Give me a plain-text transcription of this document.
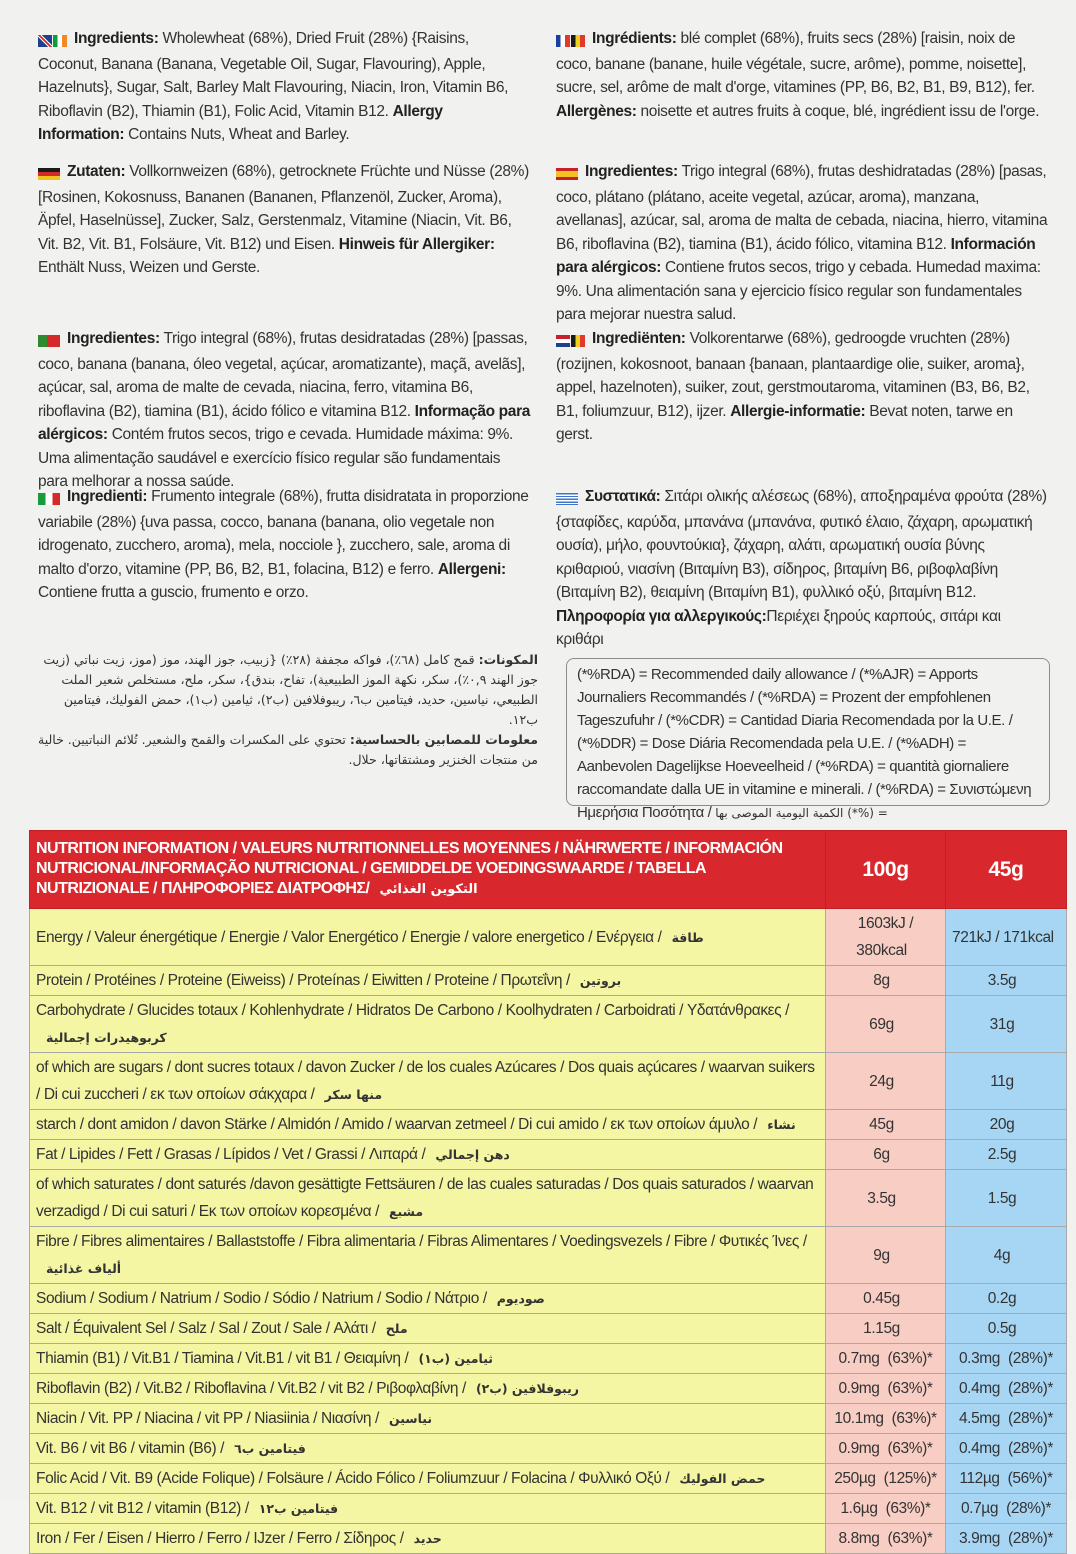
Ingredients: Wholewheat (68%), Dried Fruit (28%) {Raisins, Coconut, Banana (Banana, Vegetable Oil, Sugar, Flavouring), Apple, Hazelnuts}, Sugar, Salt, Barley Malt Flavouring, Niacin, Iron, Vitamin B6, Riboflavin (B2), Thiamin (B1), Folic Acid, Vitamin B12. Allergy Information: Contains Nuts, Wheat and Barley.
Ingrédients: blé complet (68%), fruits secs (28%) [raisin, noix de coco, banane (banane, huile végétale, sucre, arôme), pomme, noisette], sucre, sel, arôme de malt d'orge, vitamines (PP, B6, B2, B1, B9, B12), fer. Allergènes: noisette et autres fruits à coque, blé, ingrédient issu de l'orge.
Zutaten: Vollkornweizen (68%), getrocknete Früchte und Nüsse (28%) [Rosinen, Kokosnuss, Bananen (Bananen, Pflanzenöl, Zucker, Aroma), Äpfel, Haselnüsse], Zucker, Salz, Gerstenmalz, Vitamine (Niacin, Vit. B6, Vit. B2, Vit. B1, Folsäure, Vit. B12) und Eisen. Hinweis für Allergiker: Enthält Nuss, Weizen und Gerste.
Ingredientes: Trigo integral (68%), frutas deshidratadas (28%) [pasas, coco, plátano (plátano, aceite vegetal, azúcar, aroma), manzana, avellanas], azúcar, sal, aroma de malta de cebada, niacina, hierro, vitamina B6, riboflavina (B2), tiamina (B1), ácido fólico, vitamina B12. Información para alérgicos: Contiene frutos secos, trigo y cebada. Humedad maxima: 9%. Una alimentación sana y ejercicio físico regular son fundamentales para mejorar nuestra salud.
Ingredientes: Trigo integral (68%), frutas desidratadas (28%) [passas, coco, banana (banana, óleo vegetal, açúcar, aromatizante), maçã, avelãs], açúcar, sal, aroma de malte de cevada, niacina, ferro, vitamina B6, riboflavina (B2), tiamina (B1), ácido fólico e vitamina B12. Informação para alérgicos: Contém frutos secos, trigo e cevada. Humidade máxima: 9%. Uma alimentação saudável e exercício físico regular são fundamentais para melhorar a nossa saúde.
Ingrediënten: Volkorentarwe (68%), gedroogde vruchten (28%) (rozijnen, kokosnoot, banaan {banaan, plantaardige olie, suiker, aroma}, appel, hazelnoten), suiker, zout, gerstmoutaroma, vitaminen (B3, B6, B2, B1, foliumzuur, B12), ijzer. Allergie-informatie: Bevat noten, tarwe en gerst.
Ingredienti: Frumento integrale (68%), frutta disidratata in proporzione variabile (28%) {uva passa, cocco, banana (banana, olio vegetale non idrogenato, zucchero, aroma), mela, nocciole }, zucchero, sale, aroma di malto d'orzo, vitamine (PP, B6, B2, B1, folacina, B12) e ferro. Allergeni: Contiene frutta a guscio, frumento e orzo.
Συστατικά: Σιτάρι ολικής αλέσεως (68%), αποξηραμένα φρούτα (28%) {σταφίδες, καρύδα, μπανάνα (μπανάνα, φυτικό έλαιο, ζάχαρη, αρωματική ουσία), μήλο, φουντούκια}, ζάχαρη, αλάτι, αρωματική ουσία βύνης κριθαριού, νιασίνη (Βιταμίνη B3), σίδηρος, βιταμίνη B6, ριβοφλαβίνη (Βιταμίνη B2), θειαμίνη (Βιταμίνη B1), φυλλικό οξύ, βιταμίνη B12. Πληροφορία για αλλεργικούς:Περιέχει ξηρούς καρπούς, σιτάρι και κριθάρι
المكونات: قمح كامل (٦٨٪)، فواكه مجففة (٢٨٪) {زبيب، جوز الهند، موز (موز، زيت نباتي (زيت جوز الهند ٠,٩٪)، سكر، نكهة الموز الطبيعية)، تفاح، بندق}، سكر، ملح، مستخلص شعير الملت الطبيعي، نياسين، حديد، فيتامين ب٦، ريبوفلافين (ب٢)، ثيامين (ب١)، حمض الفوليك، فيتامين ب١٢.
معلومات للمصابين بالحساسية: تحتوي على المكسرات والقمح والشعير. تُلائم النباتيين. خالية من منتجات الخنزير ومشتقاتها، حلال.
(*%RDA) = Recommended daily allowance / (*%AJR) = Apports Journaliers Recommandés / (*%RDA) = Prozent der empfohlenen Tageszufuhr / (*%CDR) = Cantidad Diaria Recomendada por la U.E. / (*%DDR) = Dose Diária Recomendada pela U.E. / (*%ADH) = Aanbevolen Dagelijkse Hoeveelheid / (*%RDA) = quantità giornaliere raccomandate dalla UE in vitamine e minerali. / (*%RDA) = Συνιστώμενη Ημερήσια Ποσότητα / الكمية اليومية الموصى بها (*%) =
NUTRITION INFORMATION / VALEURS NUTRITIONNELLES MOYENNES / NÄHRWERTE / INFORMACIÓN NUTRICIONAL/INFORMAÇÃO NUTRICIONAL / GEMIDDELDE VOEDINGSWAARDE / TABELLA NUTRIZIONALE / ΠΛΗΡΟΦΟΡΙΕΣ ΔΙΑΤΡΟΦΗΣ/ التكوين الغذائي	100g	45g
Energy / Valeur énergétique / Energie / Valor Energético / Energie / valore energetico / Ενέργεια / طاقة	1603kJ / 380kcal	721kJ / 171kcal
Protein / Protéines / Proteine (Eiweiss) / Proteínas / Eiwitten / Proteine / Πρωτεΐνη / بروتين	8g	3.5g
Carbohydrate / Glucides totaux / Kohlenhydrate / Hidratos De Carbono / Koolhydraten / Carboidrati / Υδατάνθρακες /كربوهيدرات إجمالية	69g	31g
of which are sugars / dont sucres totaux / davon Zucker / de los cuales Azúcares / Dos quais açúcares / waarvan suikers / Di cui zuccheri / εκ των οποίων σάκχαρα / منها سكر	24g	11g
starch / dont amidon / davon Stärke / Almidón / Amido / waarvan zetmeel / Di cui amido / εκ των οποίων άμυλο / نشاء	45g	20g
Fat / Lipides / Fett / Grasas / Lípidos / Vet / Grassi / Λιπαρά / دهن إجمالي	6g	2.5g
of which saturates / dont saturés /davon gesättigte Fettsäuren / de las cuales saturadas / Dos quais saturados / waarvan verzadigd / Di cui saturi / Εκ των οποίων κορεσμένα / مشبع	3.5g	1.5g
Fibre / Fibres alimentaires / Ballaststoffe / Fibra alimentaria / Fibras Alimentares / Voedingsvezels / Fibre / Φυτικές Ίνες /ألياف غذائية	9g	4g
Sodium / Sodium / Natrium / Sodio / Sódio / Natrium / Sodio / Νάτριο / صوديوم	0.45g	0.2g
Salt / Équivalent Sel / Salz / Sal / Zout / Sale / Αλάτι / ملح	1.15g	0.5g
Thiamin (B1) / Vit.B1 / Tiamina / Vit.B1 / vit B1 / Θειαμίνη / ثيامين (ب١)	0.7mg (63%)*	0.3mg (28%)*
Riboflavin (B2) / Vit.B2 / Riboflavina / Vit.B2 / vit B2 / Ριβοφλαβίνη / ريبوفلافين (ب٢)	0.9mg (63%)*	0.4mg (28%)*
Niacin / Vit. PP / Niacina / vit PP / Niasiinia / Νιασίνη / نياسين	10.1mg (63%)*	4.5mg (28%)*
Vit. B6 / vit B6 / vitamin (B6) / فيتامين ب٦	0.9mg (63%)*	0.4mg (28%)*
Folic Acid / Vit. B9 (Acide Folique) / Folsäure / Ácido Fólico / Foliumzuur / Folacina / Φυλλικό Οξύ / حمض الفوليك	250µg (125%)*	112µg (56%)*
Vit. B12 / vit B12 / vitamin (B12) / فيتامين ب١٢	1.6µg (63%)*	0.7µg (28%)*
Iron / Fer / Eisen / Hierro / Ferro / IJzer / Ferro / Σίδηρος / حديد	8.8mg (63%)*	3.9mg (28%)*
